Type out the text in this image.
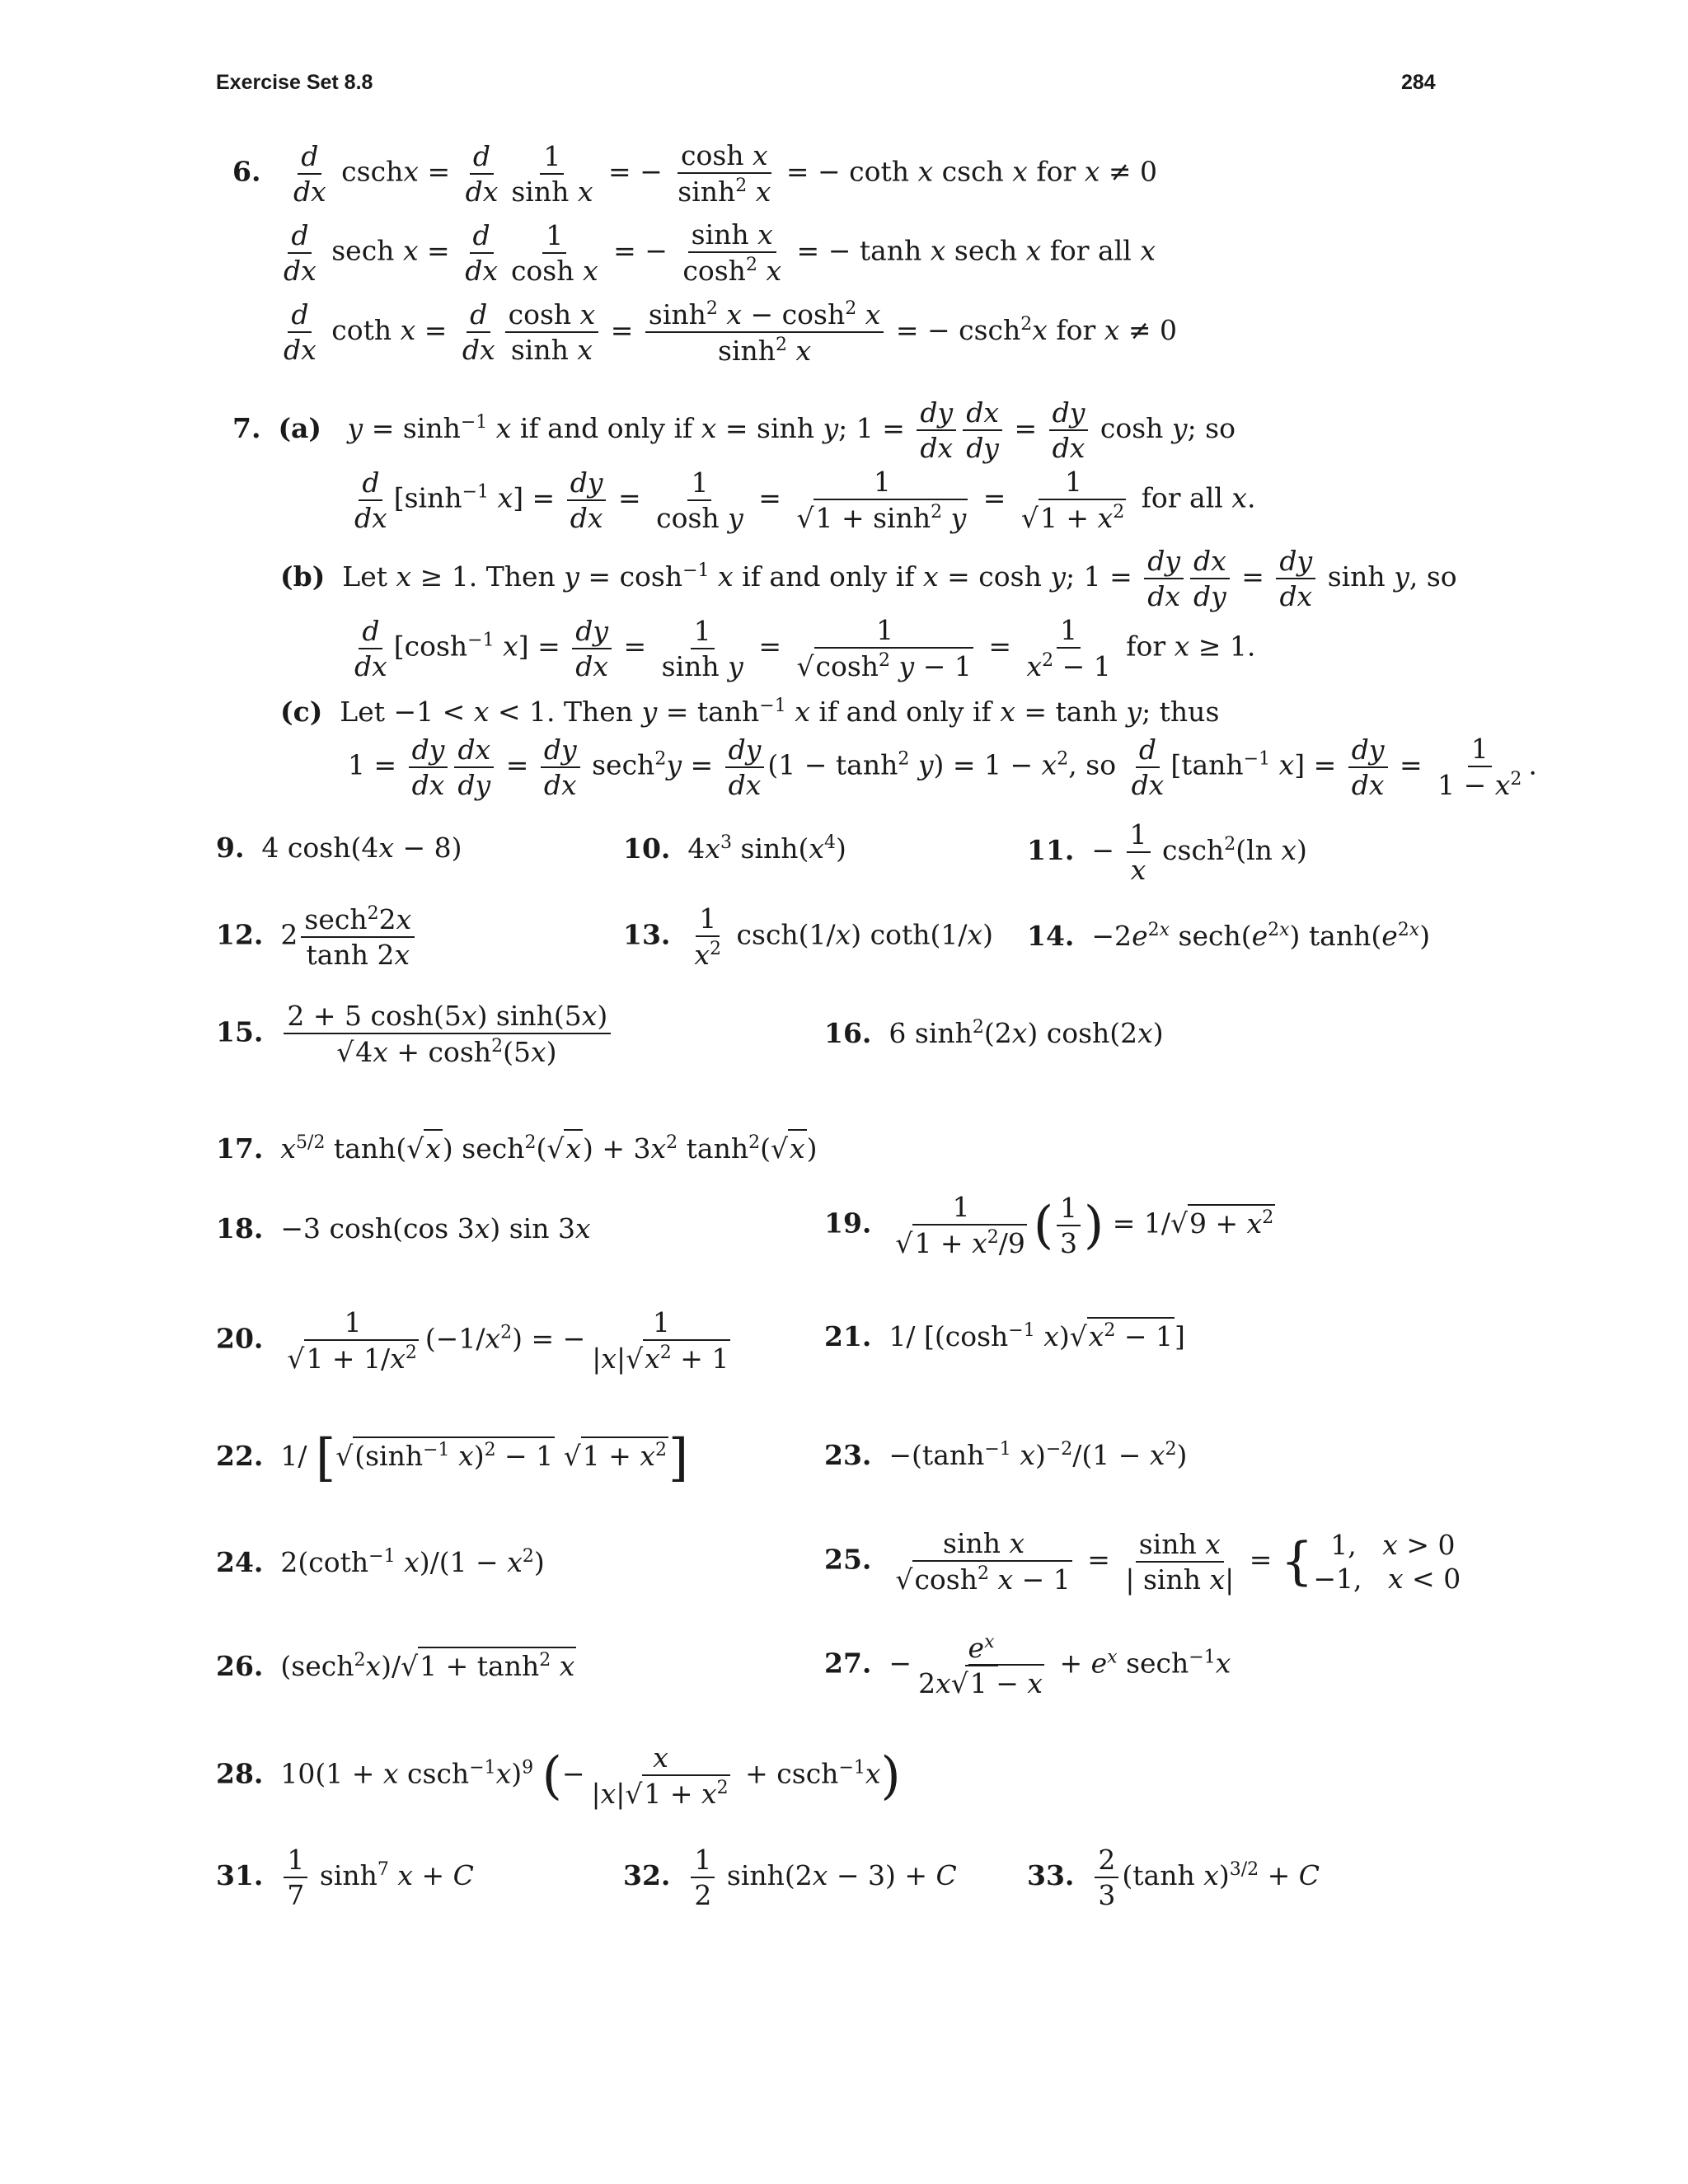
Exercise Set 8.8	284
6. $\frac{d}{dx}$ cschx = $\frac{d}{dx} \frac{1}{\text{sinh x}}$ = − $\frac{\text{cosh x}}{\sinh^2 x}$ = − coth x csch x for x ≠ 0
$\frac{d}{dx}$ sech $x = \frac{d}{dx} \frac{1}{\text{cosh x}}$ = − $\frac{\text{sinh x}}{\cosh^2 x}$ = − tanh x sech x for all x
$\frac{d}{dx}$ coth $x = \frac{d}{dx} \frac{\text{cosh x}}{\text{sinh x}} = \frac{\sinh^2 x - \cosh^2 x}{\sinh^2 x}$ = − csch$^2$x for x ≠ 0
7. (a) $y = \sinh^{-1} x$ if and only if x = sinh y; $1 = \frac{dy}{dx} \frac{dx}{dy} = \frac{dy}{dx}$ cosh y; so
$\frac{d}{dx} [\sinh^{-1}$ $x] = \frac{dy}{dx} = \frac{1}{\text{cosh y}} = \frac{1}{√1 + \sinh^2 y} = \frac{1}{√1 + x^2}$ for all x.
(b)  Let x ≥ 1. Then $y = \cosh^{-1} x$ if and only if x = cosh y; $1 = \frac{dy}{dx} \frac{dx}{dy} = \frac{dy}{dx}$ sinh y, so
$\frac{d}{dx} [\cosh^{-1}$ $x] = \frac{dy}{dx} = \frac{1}{\text{sinh y}} = \frac{1}{√\cosh^2 y - 1} = \frac{1}{x^2 - 1}$ for x ≥ 1.
(c)  Let −1 < x < 1. Then $y = \tanh^{-1} x$ if and only if x = tanh y; thus
$1 = \frac{dy}{dx} \frac{dx}{dy} = \frac{dy}{dx} \sec h^2y = \frac{dy}{dx} (1 - \tanh^2 y) = 1 - x^2$, so $\frac{d}{dx} [\tanh^{-1}$ $x] = \frac{dy}{dx} = \frac{1}{1 - x^2}$ .
9.  4 cosh(4x − 8)	10.  $4x^3$ $\sinh(x^4)$	11.  − $\frac{1}{x} \csc h^2(\ln$ x)
12.  $2 \frac{\sec h^22x}{\tanh 2x}$	13. $\frac{1}{x^2} \csc h(1/x)$ coth(1/x) 14.  $-2e^{2x}$ $\sec h(e^{2x})$ $\tanh(e^{2x})$
15. $\frac{2 + 5 \cosh(5x) \sinh(5x)}{√4x + \cosh^2(5x)}$	16.  6 $\sinh^2(2x)$ cosh(2x)
17. $x^{5/2}$ tanh(√x) $\sec h^2(√x) + 3x^2$ $\tanh^2(√x)$
18.  −3 cosh(cos 3x) sin 3x	19. $\frac{1}{√1 + x^2/9}$ ( $\frac{1}{3}$ ) = $1/√9 + x^2$
20. $\frac{1}{√1 + 1/x^2} (-1/x^2)$ = − $\frac{1}{|x|√x^2 + 1}$	21.  1/ [($\cosh^{-1}$ $x)√x^2 - 1$]
22.  1/ [$√(\sinh^{-1}$ x)$^2$ − 1 $√1 + x^2$]	23.  $-(\tanh^{-1}$ $x)^{-2}/(1 - x^2)$
24.  2(coth$^{-1}$ $x)/(1 - x^2)$	25. $\frac{\text{sinh x}}{√\cosh^2 x - 1} = \frac{\text{sinh x}}{\text{| sinh x|}}$ = { 1,   x > 0
−1,   x < 0
26.  $(\sec h^2x)/√1 + \tanh^2 x$	27.  − $\frac{e^x}{2x√1 - x} + e^x$ sech$^{-1}$x
28.  10(1 + x csch$^{-1}$x)$^9$ (− $\frac{x}{|x|√1 + x^2} + \csc h^{-1}x$)
31. $\frac{1}{7} \sinh^7 x + C$	32. $\frac{1}{2} \sinh(2x - 3) + C$	33. $\frac{2}{3} (\tanh$ x)$^{3/2}$ + C
